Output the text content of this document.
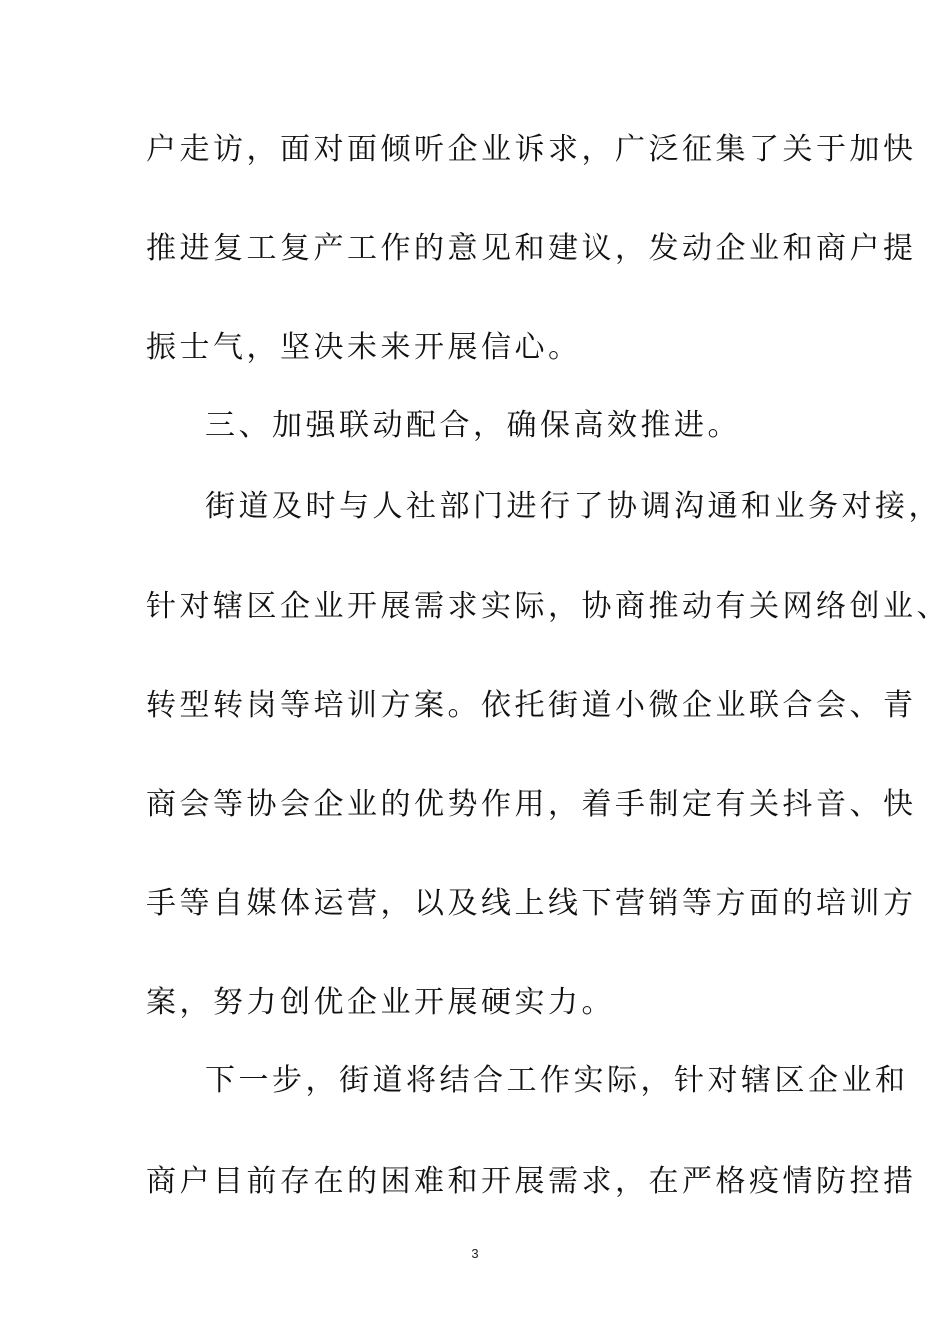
户走访，面对面倾听企业诉求，广泛征集了关于加快
推进复工复产工作的意见和建议，发动企业和商户提
振士气，坚决未来开展信心。
三、加强联动配合，确保高效推进。
街道及时与人社部门进行了协调沟通和业务对接，
针对辖区企业开展需求实际，协商推动有关网络创业、
转型转岗等培训方案。依托街道小微企业联合会、青
商会等协会企业的优势作用，着手制定有关抖音、快
手等自媒体运营，以及线上线下营销等方面的培训方
案，努力创优企业开展硬实力。
下一步，街道将结合工作实际，针对辖区企业和
商户目前存在的困难和开展需求，在严格疫情防控措
3
